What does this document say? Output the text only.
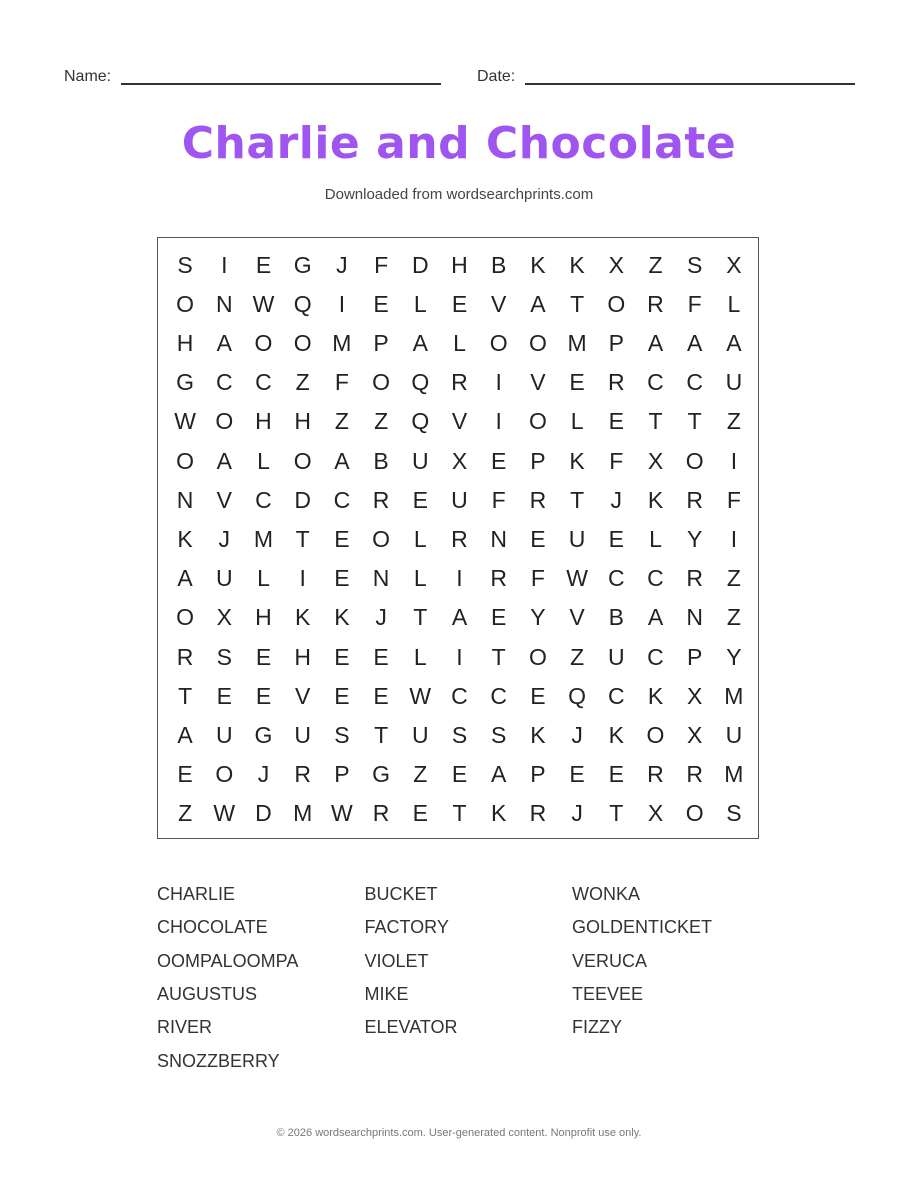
Name:	Date:
Charlie and Chocolate
Downloaded from wordsearchprints.com
S	I	E G	J	F	D H	B	K	K	X	Z	S	X
O N W Q	I	E	L	E	V	A	T	O R	F	L
H	A O O M P	A	L	O O M P	A	A	A
G C C	Z	F	O Q R	I	V	E	R C C U
W O H H	Z	Z	Q V	I	O	L	E	T	T	Z
O A	L	O A	B	U	X	E	P	K	F	X O	I
N	V	C D C R	E	U	F	R	T	J	K	R	F
K	J	M T	E O	L	R N	E	U	E	L	Y	I
A	U	L	I	E	N	L	I	R	F W C C R	Z
O X	H	K	K	J	T	A	E	Y	V	B	A	N	Z
R	S	E	H	E	E	L	I	T	O	Z	U C	P	Y
T	E	E	V	E	E W C C	E Q C	K	X M
A	U G U	S	T	U	S	S	K	J	K O X	U
E O	J	R	P G	Z	E	A	P	E	E	R R M
Z W D M W R	E	T	K	R	J	T	X O S
CHARLIE	BUCKET	WONKA
CHOCOLATE	FACTORY	GOLDENTICKET
OOMPALOOMPA	VIOLET	VERUCA
AUGUSTUS	MIKE	TEEVEE
RIVER	ELEVATOR	FIZZY
SNOZZBERRY
© 2026 wordsearchprints.com. User-generated content. Nonprofit use only.
